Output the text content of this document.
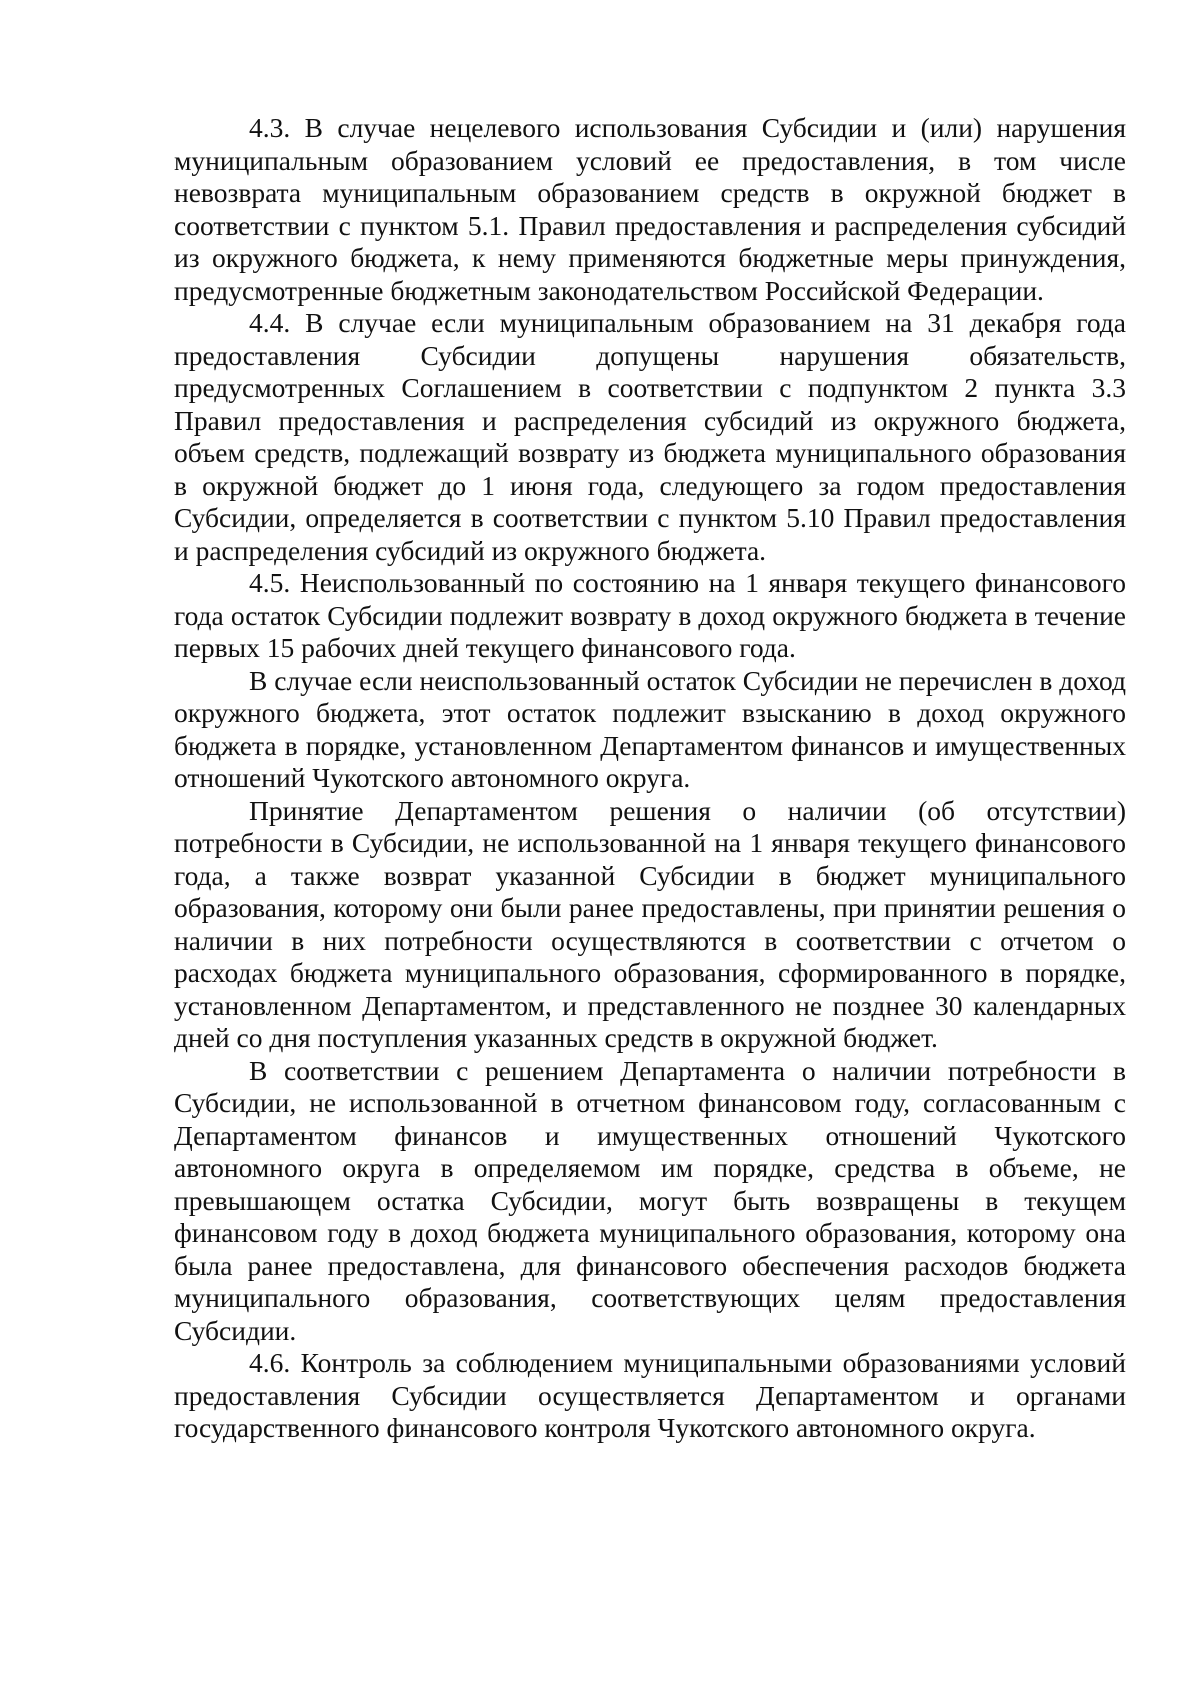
4.3. В случае нецелевого использования Субсидии и (или) нарушения муниципальным образованием условий ее предоставления, в том числе невозврата муниципальным образованием средств в окружной бюджет в соответствии с пунктом 5.1. Правил предоставления и распределения субсидий из окружного бюджета, к нему применяются бюджетные меры принуждения, предусмотренные бюджетным законодательством Российской Федерации.

4.4. В случае если муниципальным образованием на 31 декабря года предоставления Субсидии допущены нарушения обязательств, предусмотренных Соглашением в соответствии с подпунктом 2 пункта 3.3 Правил предоставления и распределения субсидий из окружного бюджета, объем средств, подлежащий возврату из бюджета муниципального образования в окружной бюджет до 1 июня года, следующего за годом предоставления Субсидии, определяется в соответствии с пунктом 5.10 Правил предоставления и распределения субсидий из окружного бюджета.

4.5. Неиспользованный по состоянию на 1 января текущего финансового года остаток Субсидии подлежит возврату в доход окружного бюджета в течение первых 15 рабочих дней текущего финансового года.

В случае если неиспользованный остаток Субсидии не перечислен в доход окружного бюджета, этот остаток подлежит взысканию в доход окружного бюджета в порядке, установленном Департаментом финансов и имущественных отношений Чукотского автономного округа.

Принятие Департаментом решения о наличии (об отсутствии) потребности в Субсидии, не использованной на 1 января текущего финансового года, а также возврат указанной Субсидии в бюджет муниципального образования, которому они были ранее предоставлены, при принятии решения о наличии в них потребности осуществляются в соответствии с отчетом о расходах бюджета муниципального образования, сформированного в порядке, установленном Департаментом, и представленного не позднее 30 календарных дней со дня поступления указанных средств в окружной бюджет.

В соответствии с решением Департамента о наличии потребности в Субсидии, не использованной в отчетном финансовом году, согласованным с Департаментом финансов и имущественных отношений Чукотского автономного округа в определяемом им порядке, средства в объеме, не превышающем остатка Субсидии, могут быть возвращены в текущем финансовом году в доход бюджета муниципального образования, которому она была ранее предоставлена, для финансового обеспечения расходов бюджета муниципального образования, соответствующих целям предоставления Субсидии.

4.6. Контроль за соблюдением муниципальными образованиями условий предоставления Субсидии осуществляется Департаментом и органами государственного финансового контроля Чукотского автономного округа.
